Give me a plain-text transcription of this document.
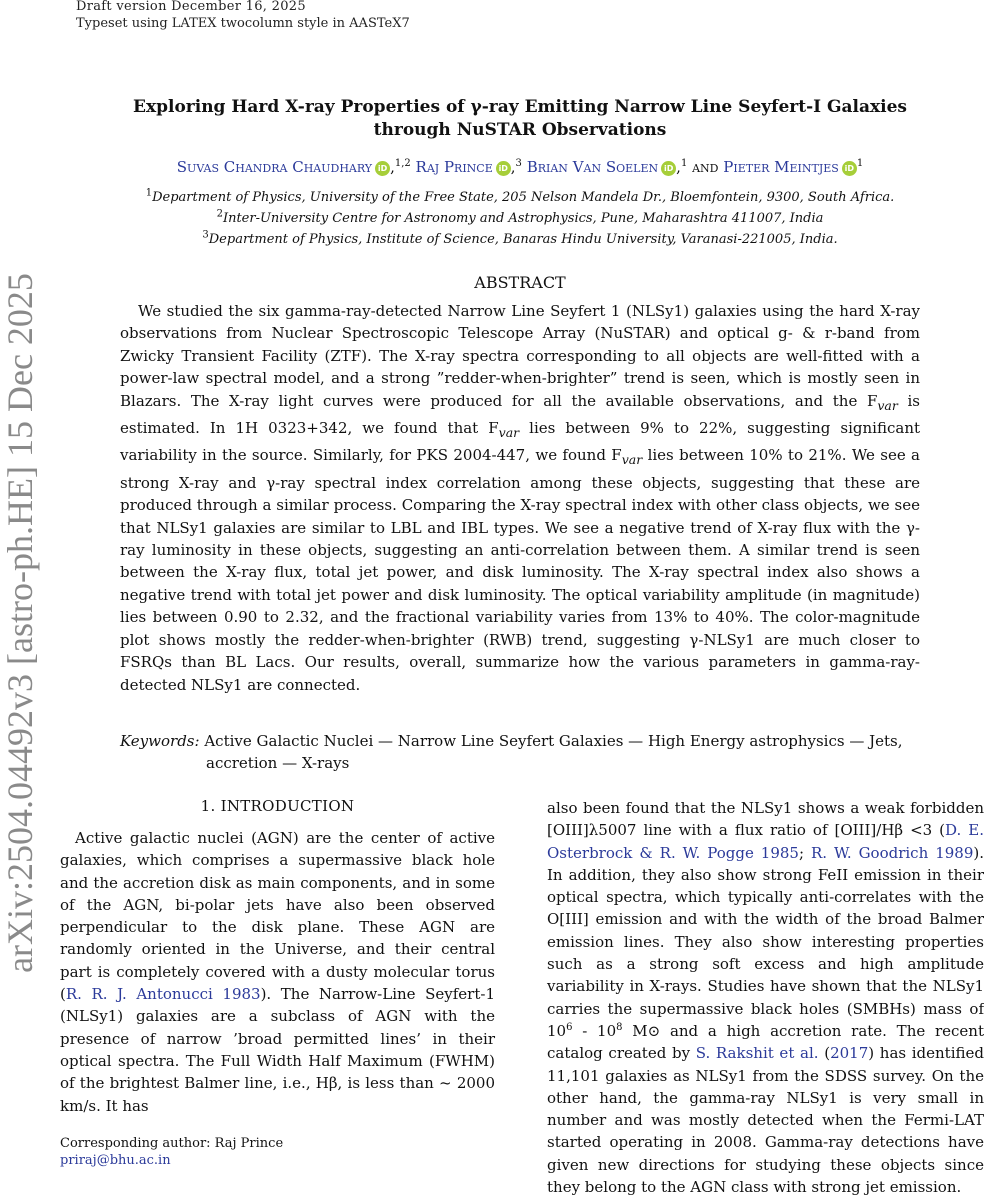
Draft version December 16, 2025
Typeset using LATEX twocolumn style in AASTeX7
arXiv:2504.04492v3 [astro-ph.HE] 15 Dec 2025
Exploring Hard X-ray Properties of γ-ray Emitting Narrow Line Seyfert-I Galaxies through NuSTAR Observations
Suvas Chandra Chaudhary iD ,$^{1,2}$ Raj Prince iD ,$^3$ Brian Van Soelen iD ,$^1$ and Pieter Meintjes iD $^1$
$^1$Department of Physics, University of the Free State, 205 Nelson Mandela Dr., Bloemfontein, 9300, South Africa.
$^2$Inter-University Centre for Astronomy and Astrophysics, Pune, Maharashtra 411007, India
$^3$Department of Physics, Institute of Science, Banaras Hindu University, Varanasi-221005, India.
ABSTRACT

We studied the six gamma-ray-detected Narrow Line Seyfert 1 (NLSy1) galaxies using the hard X-ray observations from Nuclear Spectroscopic Telescope Array (NuSTAR) and optical g- & r-band from Zwicky Transient Facility (ZTF). The X-ray spectra corresponding to all objects are well-fitted with a power-law spectral model, and a strong ”redder-when-brighter” trend is seen, which is mostly seen in Blazars. The X-ray light curves were produced for all the available observations, and the $F_{var}$ is estimated. In 1H 0323+342, we found that $F_{var}$ lies between 9% to 22%, suggesting significant variability in the source. Similarly, for PKS 2004-447, we found $F_{var}$ lies between 10% to 21%. We see a strong X-ray and γ-ray spectral index correlation among these objects, suggesting that these are produced through a similar process. Comparing the X-ray spectral index with other class objects, we see that NLSy1 galaxies are similar to LBL and IBL types. We see a negative trend of X-ray flux with the γ-ray luminosity in these objects, suggesting an anti-correlation between them. A similar trend is seen between the X-ray flux, total jet power, and disk luminosity. The X-ray spectral index also shows a negative trend with total jet power and disk luminosity. The optical variability amplitude (in magnitude) lies between 0.90 to 2.32, and the fractional variability varies from 13% to 40%. The color-magnitude plot shows mostly the redder-when-brighter (RWB) trend, suggesting γ-NLSy1 are much closer to FSRQs than BL Lacs. Our results, overall, summarize how the various parameters in gamma-ray-detected NLSy1 are connected.

Keywords: Active Galactic Nuclei — Narrow Line Seyfert Galaxies — High Energy astrophysics — Jets, accretion — X-rays

1. INTRODUCTION

Active galactic nuclei (AGN) are the center of active galaxies, which comprises a supermassive black hole and the accretion disk as main components, and in some of the AGN, bi-polar jets have also been observed perpendicular to the disk plane. These AGN are randomly oriented in the Universe, and their central part is completely covered with a dusty molecular torus (R. R. J. Antonucci 1983). The Narrow-Line Seyfert-1 (NLSy1) galaxies are a subclass of AGN with the presence of narrow ’broad permitted lines’ in their optical spectra. The Full Width Half Maximum (FWHM) of the brightest Balmer line, i.e., Hβ, is less than ~ 2000 km/s. It has

also been found that the NLSy1 shows a weak forbidden [OIII]λ5007 line with a flux ratio of [OIII]/Hβ <3 (D. E. Osterbrock & R. W. Pogge 1985; R. W. Goodrich 1989). In addition, they also show strong FeII emission in their optical spectra, which typically anti-correlates with the O[III] emission and with the width of the broad Balmer emission lines. They also show interesting properties such as a strong soft excess and high amplitude variability in X-rays. Studies have shown that the NLSy1 carries the supermassive black holes (SMBHs) mass of $10^6 - 10^8$ M⊙ and a high accretion rate. The recent catalog created by S. Rakshit et al. (2017) has identified 11,101 galaxies as NLSy1 from the SDSS survey. On the other hand, the gamma-ray NLSy1 is very small in number and was mostly detected when the Fermi-LAT started operating in 2008. Gamma-ray detections have given new directions for studying these objects since they belong to the AGN class with strong jet emission.

Corresponding author: Raj Prince
priraj@bhu.ac.in
